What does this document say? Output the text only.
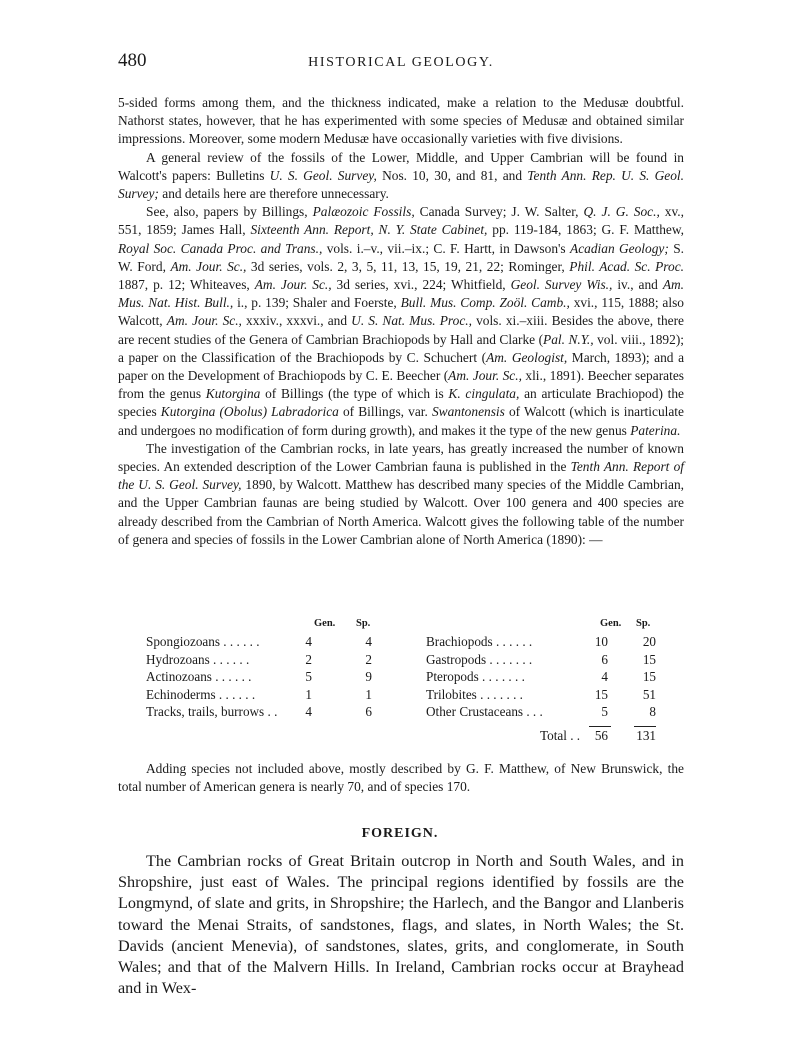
480	HISTORICAL GEOLOGY.

5-sided forms among them, and the thickness indicated, make a relation to the Medusæ doubtful. Nathorst states, however, that he has experimented with some species of Medusæ and obtained similar impressions. Moreover, some modern Medusæ have occasionally varieties with five divisions.

A general review of the fossils of the Lower, Middle, and Upper Cambrian will be found in Walcott's papers: Bulletins U. S. Geol. Survey, Nos. 10, 30, and 81, and Tenth Ann. Rep. U. S. Geol. Survey; and details here are therefore unnecessary.

See, also, papers by Billings, Palæozoic Fossils, Canada Survey; J. W. Salter, Q. J. G. Soc., xv., 551, 1859; James Hall, Sixteenth Ann. Report, N. Y. State Cabinet, pp. 119-184, 1863; G. F. Matthew, Royal Soc. Canada Proc. and Trans., vols. i.–v., vii.–ix.; C. F. Hartt, in Dawson's Acadian Geology; S. W. Ford, Am. Jour. Sc., 3d series, vols. 2, 3, 5, 11, 13, 15, 19, 21, 22; Rominger, Phil. Acad. Sc. Proc. 1887, p. 12; Whiteaves, Am. Jour. Sc., 3d series, xvi., 224; Whitfield, Geol. Survey Wis., iv., and Am. Mus. Nat. Hist. Bull., i., p. 139; Shaler and Foerste, Bull. Mus. Comp. Zoöl. Camb., xvi., 115, 1888; also Walcott, Am. Jour. Sc., xxxiv., xxxvi., and U. S. Nat. Mus. Proc., vols. xi.–xiii. Besides the above, there are recent studies of the Genera of Cambrian Brachiopods by Hall and Clarke (Pal. N.Y., vol. viii., 1892); a paper on the Classification of the Brachiopods by C. Schuchert (Am. Geologist, March, 1893); and a paper on the Development of Brachiopods by C. E. Beecher (Am. Jour. Sc., xli., 1891). Beecher separates from the genus Kutorgina of Billings (the type of which is K. cingulata, an articulate Brachiopod) the species Kutorgina (Obolus) Labradorica of Billings, var. Swantonensis of Walcott (which is inarticulate and undergoes no modification of form during growth), and makes it the type of the new genus Paterina.

The investigation of the Cambrian rocks, in late years, has greatly increased the number of known species. An extended description of the Lower Cambrian fauna is published in the Tenth Ann. Report of the U. S. Geol. Survey, 1890, by Walcott. Matthew has described many species of the Middle Cambrian, and the Upper Cambrian faunas are being studied by Walcott. Over 100 genera and 400 species are already described from the Cambrian of North America. Walcott gives the following table of the number of genera and species of fossils in the Lower Cambrian alone of North America (1890): —

Gen. Sp.
Spongiozoans . . . . . .	4	4
Hydrozoans . . . . . .	2	2
Actinozoans . . . . . .	5	9
Echinoderms . . . . . .	1	1
Tracks, trails, burrows . .	4	6
Gen. Sp.
Brachiopods . . . . . .	10	20
Gastropods . . . . . . .	6	15
Pteropods . . . . . . .	4	15
Trilobites . . . . . . .	15	51
Other Crustaceans . . .	5	8
Total . .	56	131

Adding species not included above, mostly described by G. F. Matthew, of New Brunswick, the total number of American genera is nearly 70, and of species 170.

FOREIGN.

The Cambrian rocks of Great Britain outcrop in North and South Wales, and in Shropshire, just east of Wales. The principal regions identified by fossils are the Longmynd, of slate and grits, in Shropshire; the Harlech, and the Bangor and Llanberis toward the Menai Straits, of sandstones, flags, and slates, in North Wales; the St. Davids (ancient Menevia), of sandstones, slates, grits, and conglomerate, in South Wales; and that of the Malvern Hills. In Ireland, Cambrian rocks occur at Brayhead and in Wex-
